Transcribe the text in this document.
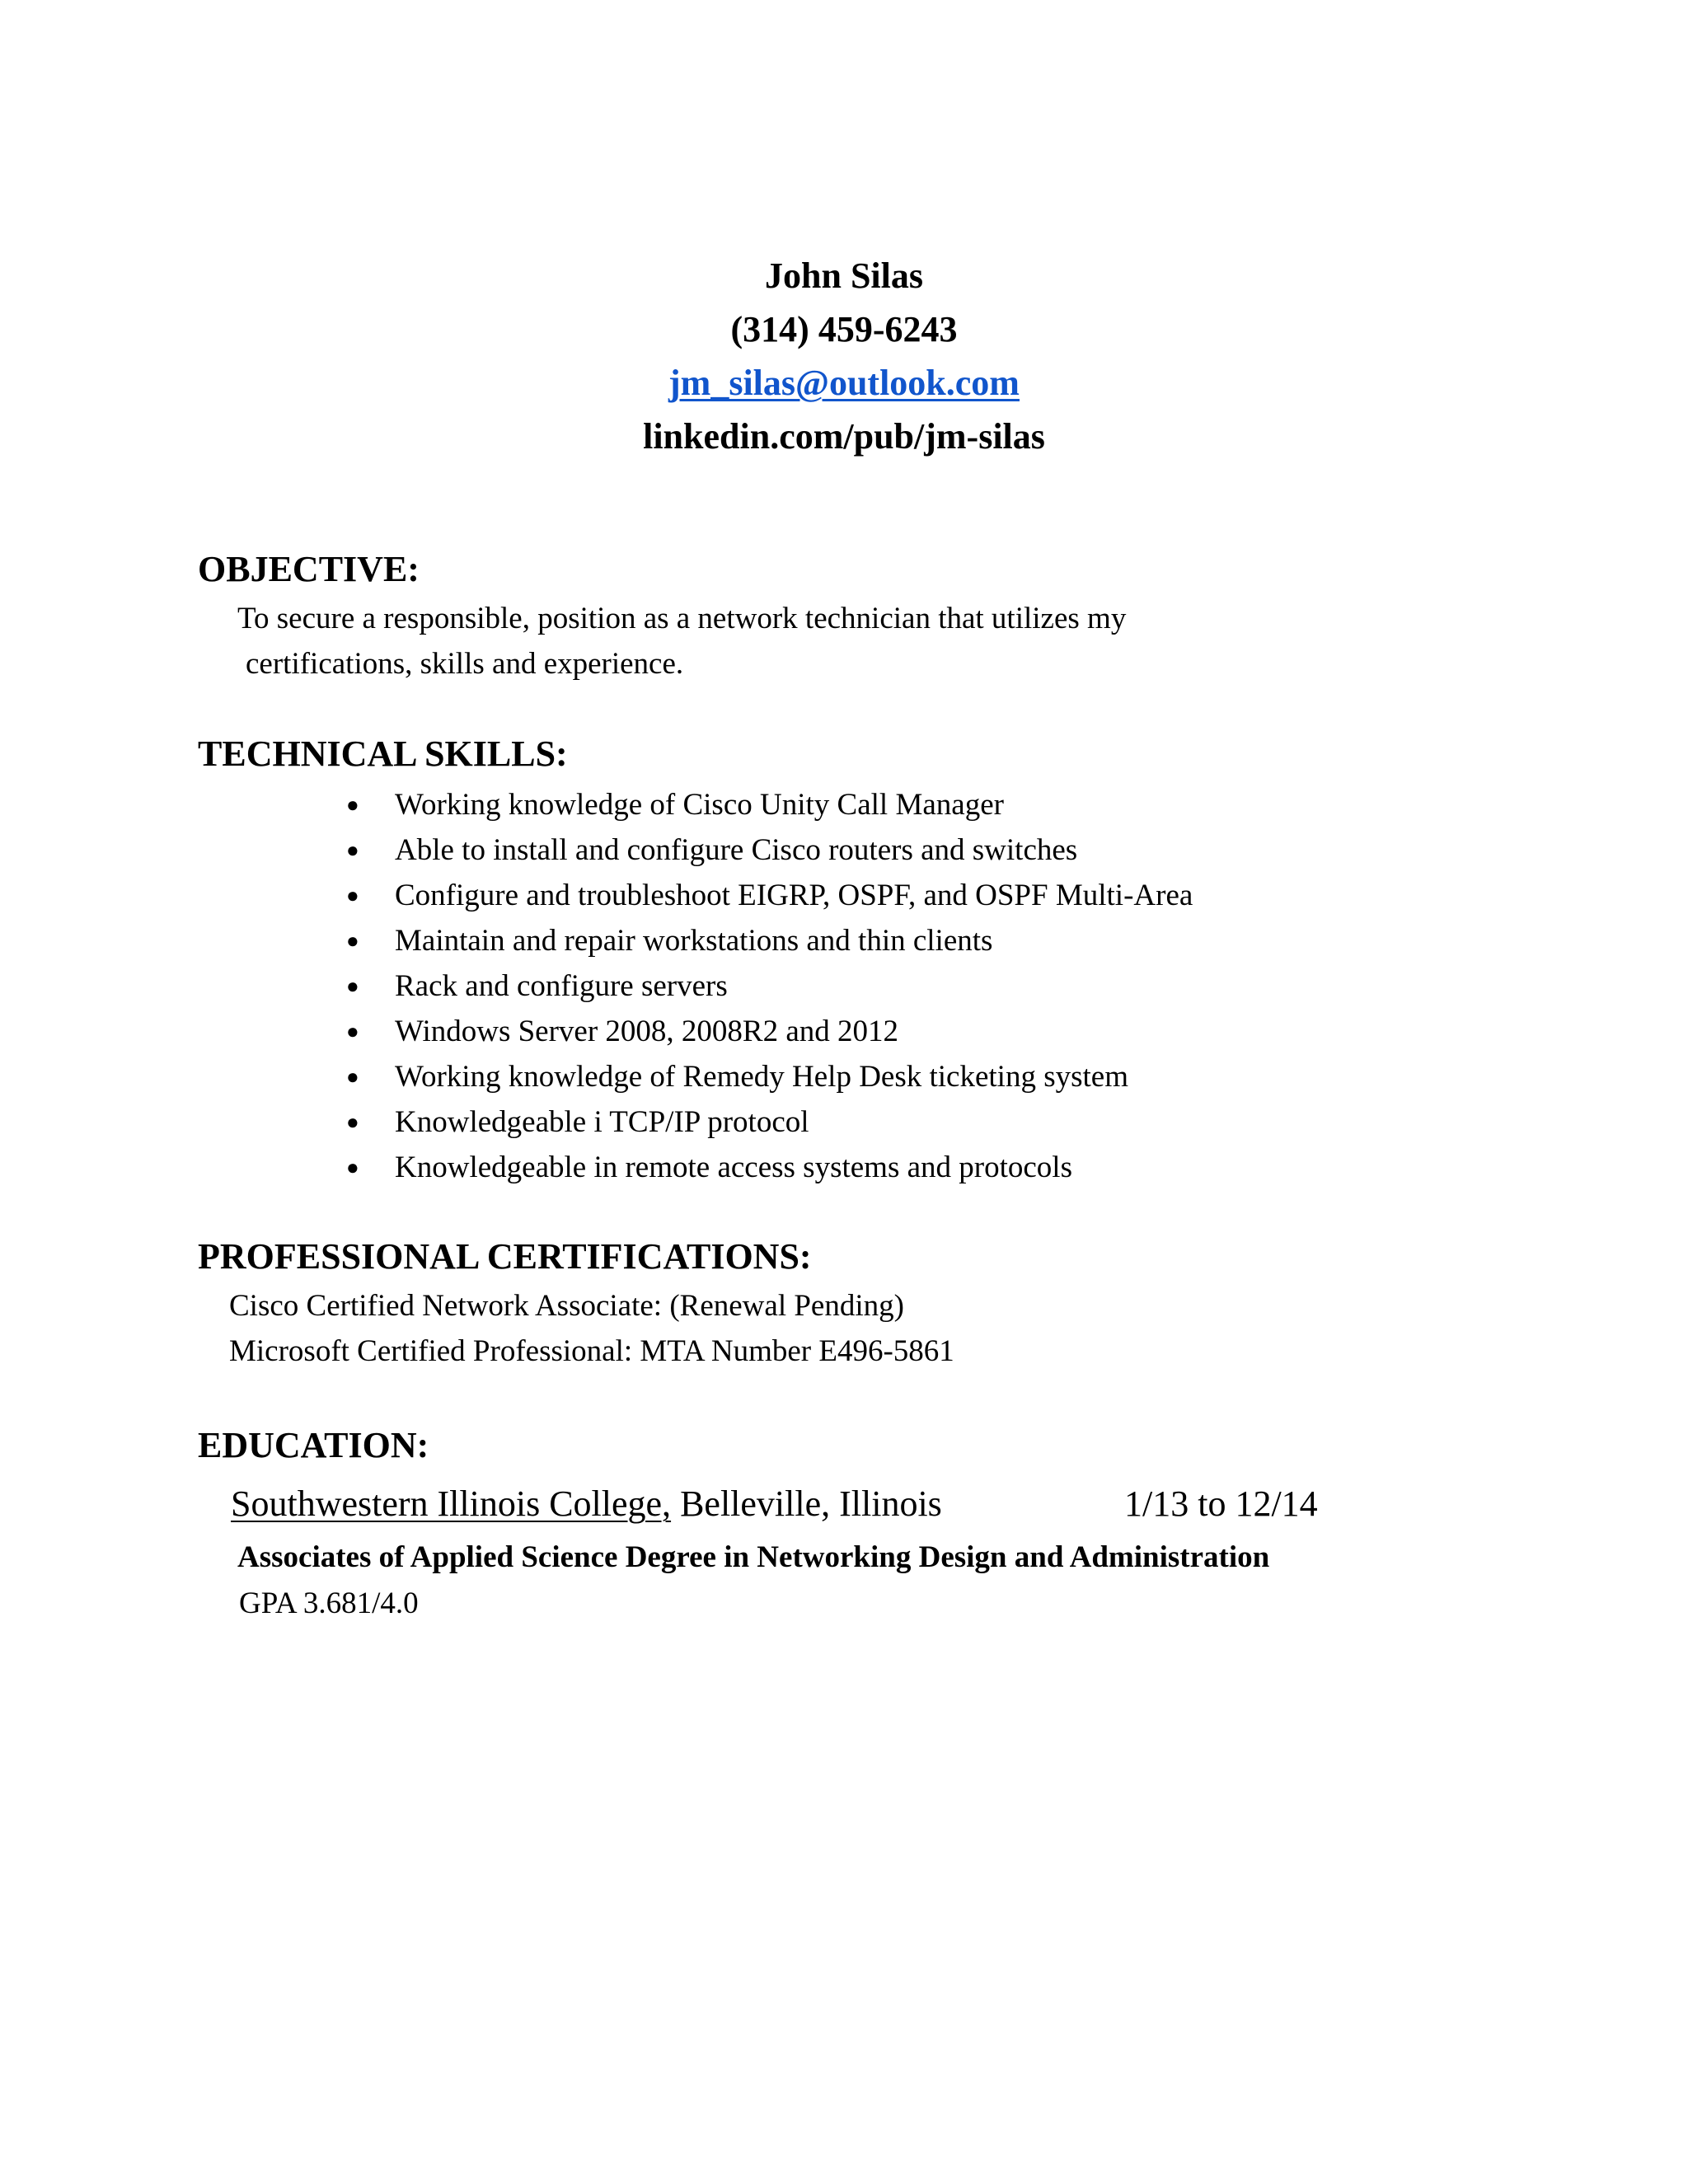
John Silas
(314) 459-6243
jm_silas@outlook.com
linkedin.com/pub/jm-silas
OBJECTIVE:
To secure a responsible, position as a network technician that utilizes my
certifications, skills and experience.
TECHNICAL SKILLS:
● Working knowledge of Cisco Unity Call Manager
● Able to install and configure Cisco routers and switches
● Configure and troubleshoot EIGRP, OSPF, and OSPF Multi-Area
● Maintain and repair workstations and thin clients
● Rack and configure servers
● Windows Server 2008, 2008R2 and 2012
● Working knowledge of Remedy Help Desk ticketing system
● Knowledgeable i TCP/IP protocol
● Knowledgeable in remote access systems and protocols
PROFESSIONAL CERTIFICATIONS:
Cisco Certified Network Associate: (Renewal Pending)
Microsoft Certified Professional: MTA Number E496-5861
EDUCATION:
Southwestern Illinois College, Belleville, Illinois	1/13 to 12/14
Associates of Applied Science Degree in Networking Design and Administration
GPA 3.681/4.0
